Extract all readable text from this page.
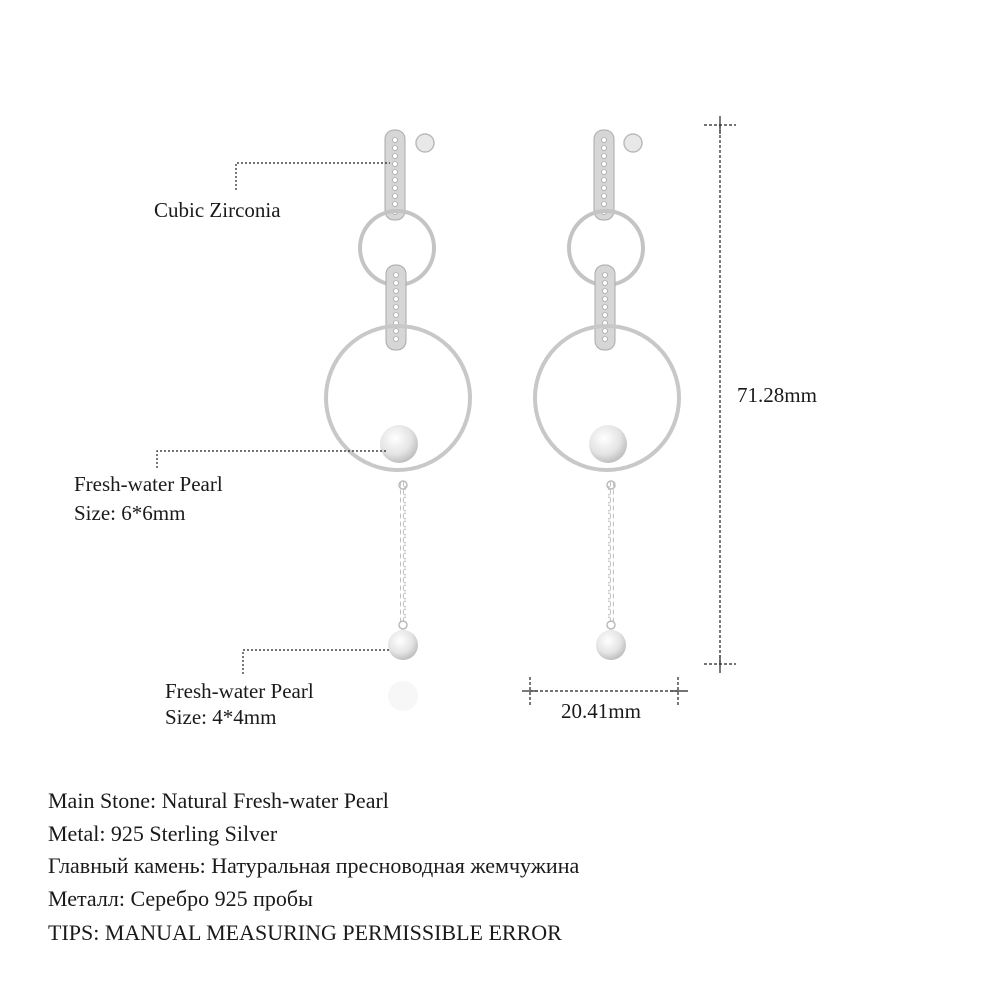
Cubic Zirconia
Fresh-water Pearl
Size: 6*6mm
Fresh-water Pearl
Size: 4*4mm
71.28mm
20.41mm
Main Stone: Natural Fresh-water Pearl
Metal: 925 Sterling Silver
Главный камень: Натуральная пресноводная жемчужина
Металл: Серебро 925 пробы
TIPS: MANUAL MEASURING PERMISSIBLE ERROR
